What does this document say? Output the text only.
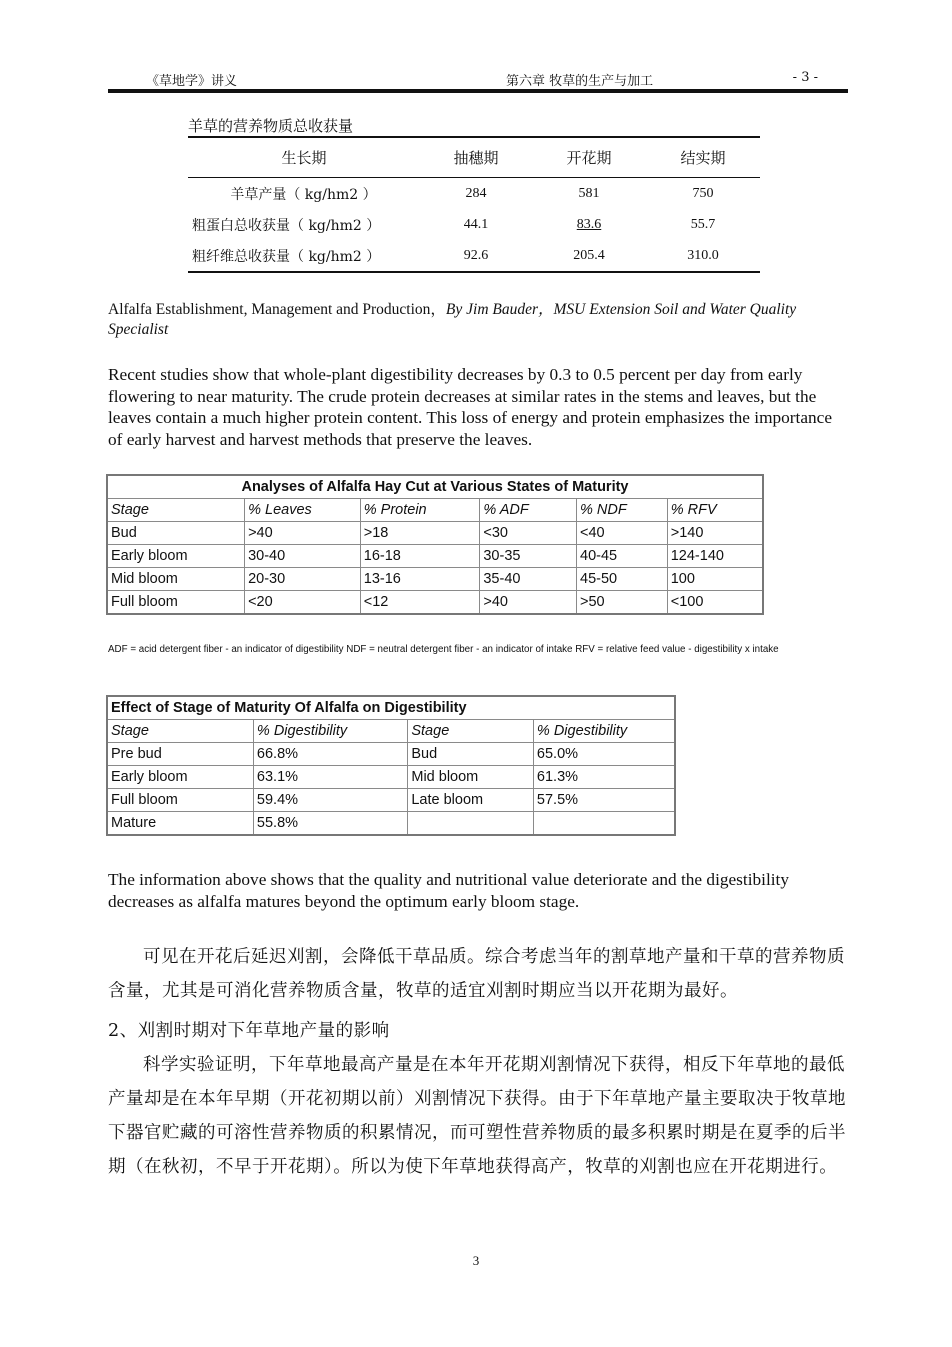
《草地学》讲义	第六章 牧草的生产与加工	- 3 -
羊草的营养物质总收获量
生长期	抽穗期	开花期	结实期
羊草产量（ kg/hm2 ）	284	581	750
粗蛋白总收获量（ kg/hm2 ）	44.1	83.6	55.7
粗纤维总收获量（ kg/hm2 ）	92.6	205.4	310.0
Alfalfa Establishment, Management and Production，By Jim Bauder，MSU Extension Soil and Water Quality Specialist
Recent studies show that whole-plant digestibility decreases by 0.3 to 0.5 percent per day from early flowering to near maturity. The crude protein decreases at similar rates in the stems and leaves, but the leaves contain a much higher protein content. This loss of energy and protein emphasizes the importance of early harvest and harvest methods that preserve the leaves.
Analyses of Alfalfa Hay Cut at Various States of Maturity					
Stage	% Leaves	% Protein	% ADF	% NDF	% RFV
Bud	>40	>18	<30	<40	>140
Early bloom	30-40	16-18	30-35	40-45	124-140
Mid bloom	20-30	13-16	35-40	45-50	100
Full bloom	<20	<12	>40	>50	<100
ADF = acid detergent fiber - an indicator of digestibility NDF = neutral detergent fiber - an indicator of intake RFV = relative feed value - digestibility x intake
Effect of Stage of Maturity Of Alfalfa on Digestibility			
Stage	% Digestibility	Stage	% Digestibility
Pre bud	66.8%	Bud	65.0%
Early bloom	63.1%	Mid bloom	61.3%
Full bloom	59.4%	Late bloom	57.5%
Mature	55.8%		
The information above shows that the quality and nutritional value deteriorate and the digestibility decreases as alfalfa matures beyond the optimum early bloom stage.

可见在开花后延迟刈割，会降低干草品质。综合考虑当年的割草地产量和干草的营养物质含量，尤其是可消化营养物质含量，牧草的适宜刈割时期应当以开花期为最好。

2、刈割时期对下年草地产量的影响

科学实验证明，下年草地最高产量是在本年开花期刈割情况下获得，相反下年草地的最低产量却是在本年早期（开花初期以前）刈割情况下获得。由于下年草地产量主要取决于牧草地下器官贮藏的可溶性营养物质的积累情况，而可塑性营养物质的最多积累时期是在夏季的后半期（在秋初，不早于开花期）。所以为使下年草地获得高产，牧草的刈割也应在开花期进行。

3
